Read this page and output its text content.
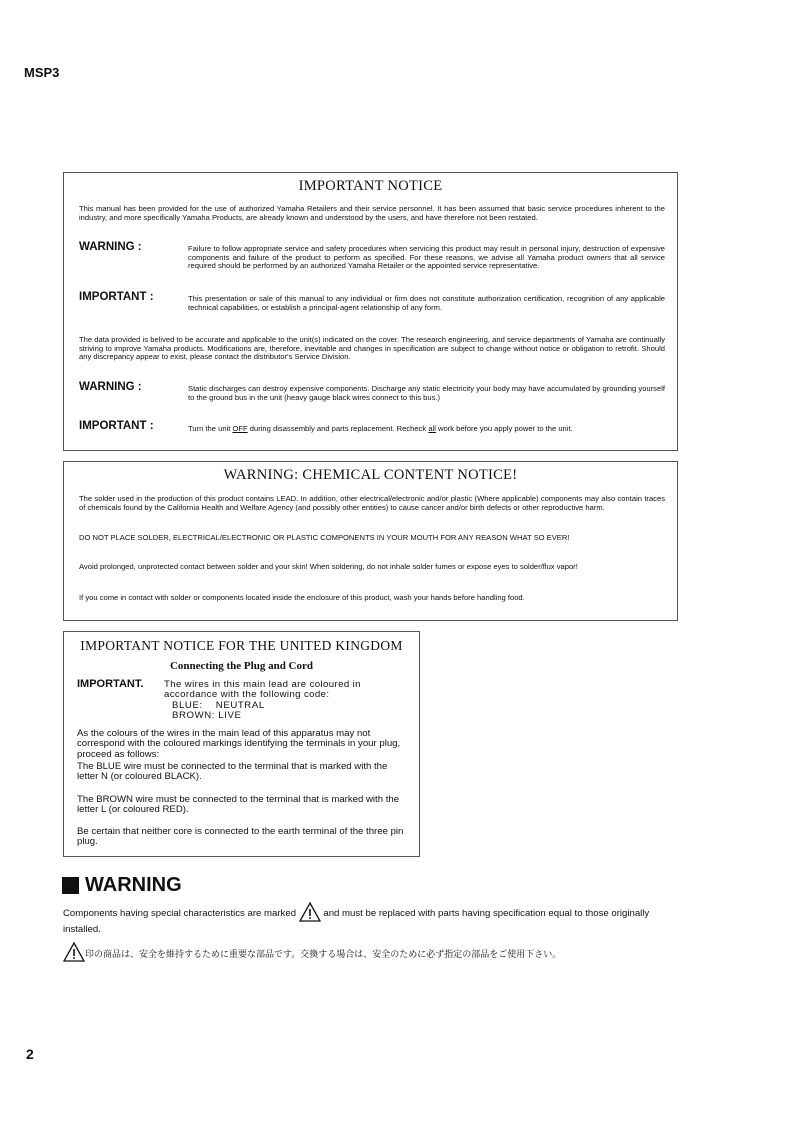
MSP3
IMPORTANT NOTICE
This manual has been provided for the use of authorized Yamaha Retailers and their service personnel. It has been assumed that basic service procedures inherent to the industry, and more specifically Yamaha Products, are already known and understood by the users, and have therefore not been restated.
WARNING :	Failure to follow appropriate service and safety procedures when servicing this product may result in personal injury, destruction of expensive components and failure of the product to perform as specified. For these reasons, we advise all Yamaha product owners that all service required should be performed by an authorized Yamaha Retailer or the appointed service representative.
IMPORTANT :	This presentation or sale of this manual to any individual or firm does not constitute authorization certification, recognition of any applicable technical capabilities, or establish a principal-agent relationship of any form.
The data provided is belived to be accurate and applicable to the unit(s) indicated on the cover. The research engineering, and service departments of Yamaha are continually striving to improve Yamaha products. Modifications are, therefore, inevitable and changes in specification are subject to change without notice or obligation to retrofit. Should any discrepancy appear to exist, please contact the distributor's Service Division.
WARNING :	Static discharges can destroy expensive components. Discharge any static electricity your body may have accumulated by grounding yourself to the ground bus in the unit (heavy gauge black wires connect to this bus.)
IMPORTANT :	Turn the unit OFF during disassembly and parts replacement. Recheck all work before you apply power to the unit.
WARNING: CHEMICAL CONTENT NOTICE!
The solder used in the production of this product contains LEAD. In addition, other electrical/electronic and/or plastic (Where applicable) components may also contain traces of chemicals found by the California Health and Welfare Agency (and possibly other entities) to cause cancer and/or birth defects or other reproductive harm.
DO NOT PLACE SOLDER, ELECTRICAL/ELECTRONIC OR PLASTIC COMPONENTS IN YOUR MOUTH FOR ANY REASON WHAT SO EVER!
Avoid prolonged, unprotected contact between solder and your skin! When soldering, do not inhale solder fumes or expose eyes to solder/flux vapor!
If you come in contact with solder or components located inside the enclosure of this product, wash your hands before handling food.
IMPORTANT NOTICE FOR THE UNITED KINGDOM
Connecting the Plug and Cord
IMPORTANT. The wires in this main lead are coloured in accordance with the following code:
BLUE:    NEUTRAL
BROWN: LIVE
As the colours of the wires in the main lead of this apparatus may not correspond with the coloured markings identifying the terminals in your plug, proceed as follows:
The BLUE wire must be connected to the terminal that is marked with the letter N (or coloured BLACK).
The BROWN wire must be connected to the terminal that is marked with the letter L (or coloured RED).
Be certain that neither core is connected to the earth terminal of the three pin plug.
WARNING
Components having special characteristics are marked	and must be replaced with parts having specification equal to those originally installed.
印の商品は、安全を維持するために重要な部品です。交換する場合は、安全のために必ず指定の部品をご使用下さい。
2
